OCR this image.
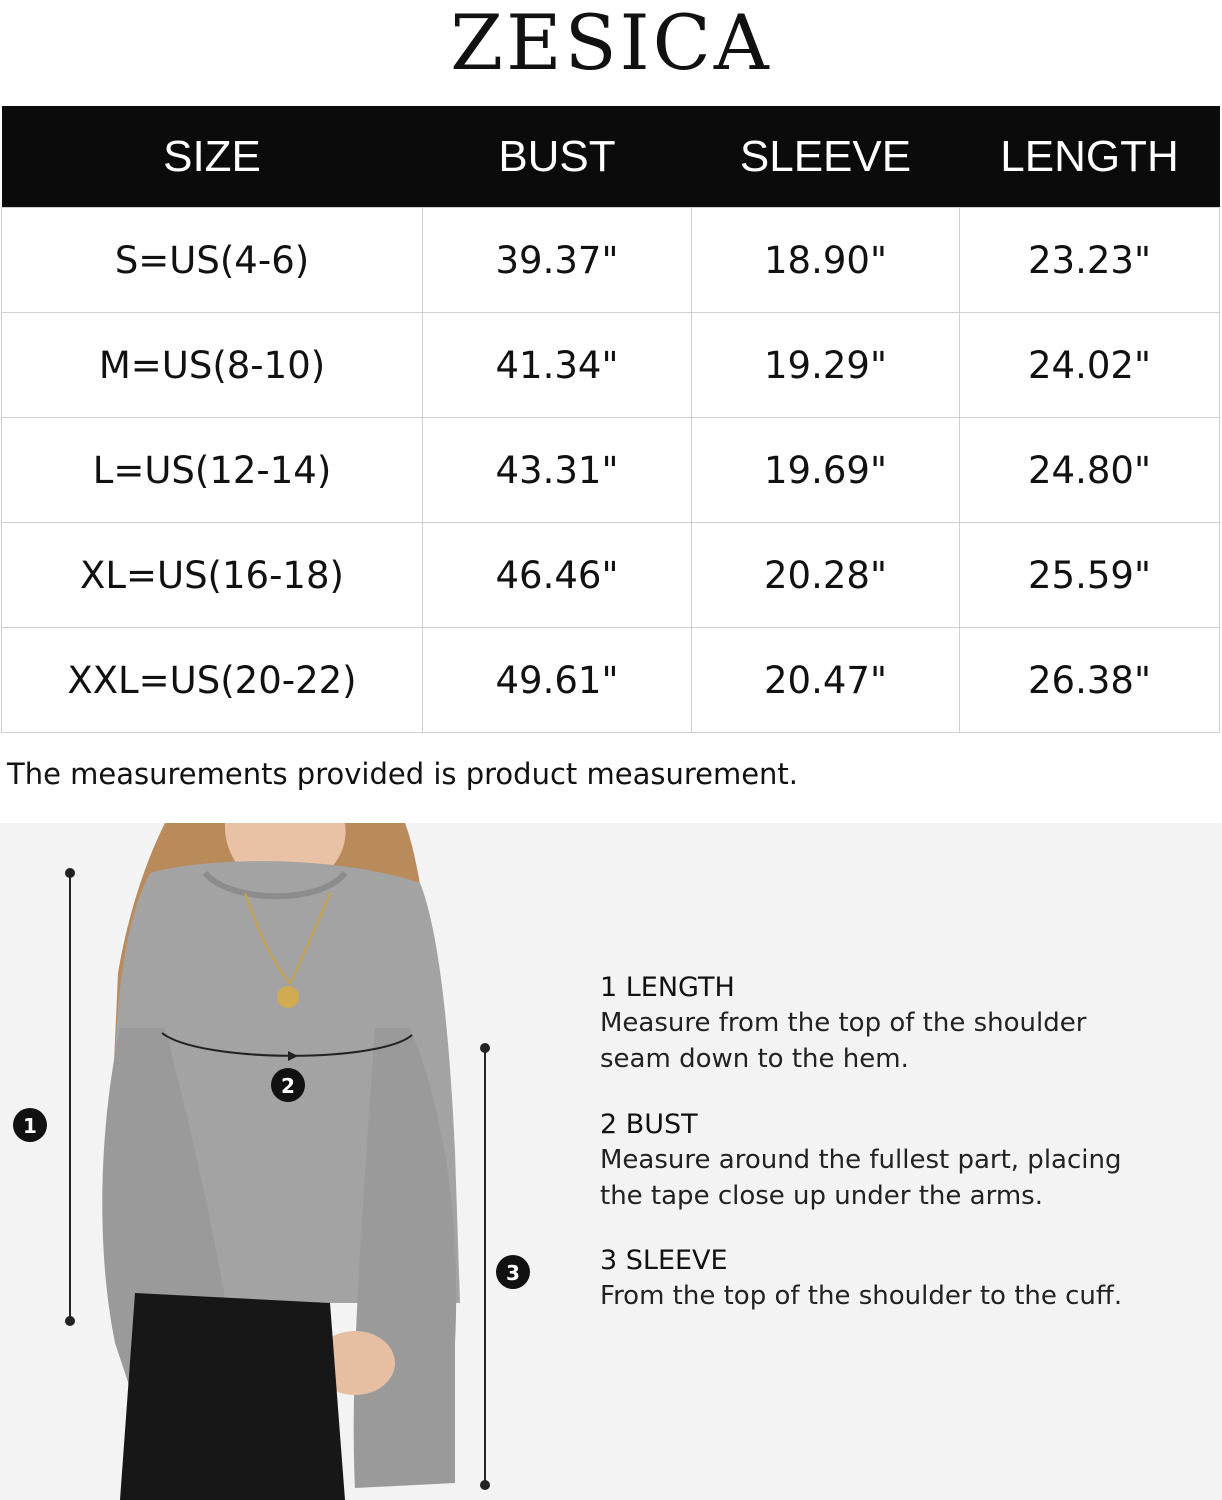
ZESICA
SIZE	BUST	SLEEVE	LENGTH
S=US(4-6)	39.37"	18.90"	23.23"
M=US(8-10)	41.34"	19.29"	24.02"
L=US(12-14)	43.31"	19.69"	24.80"
XL=US(16-18)	46.46"	20.28"	25.59"
XXL=US(20-22)	49.61"	20.47"	26.38"
The measurements provided is product measurement.
1
2
3
1 LENGTH
Measure from the top of the shoulder
seam down to the hem.
2 BUST
Measure around the fullest part, placing
the tape close up under the arms.
3 SLEEVE
From the top of the shoulder to the cuff.
